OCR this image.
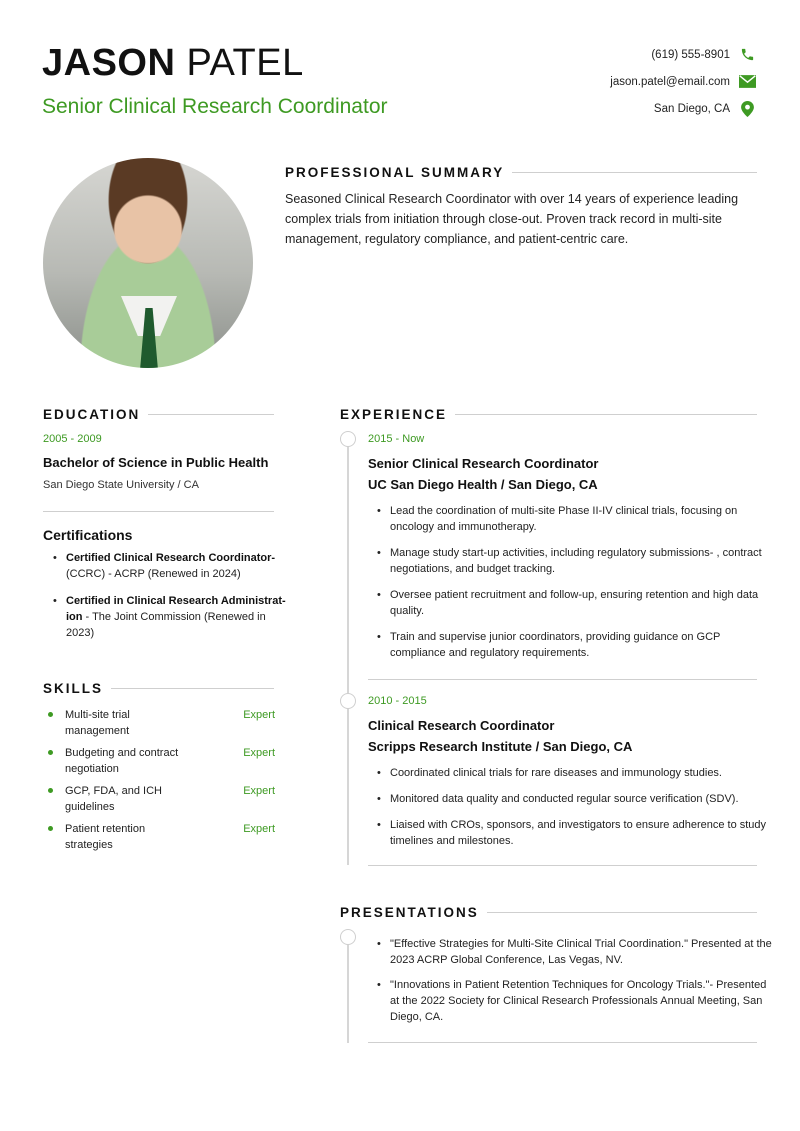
JASON PATEL
Senior Clinical Research Coordinator
(619) 555-8901
jason.patel@email.com
San Diego, CA
PROFESSIONAL SUMMARY
Seasoned Clinical Research Coordinator with over 14 years of experience leading complex trials from initiation through close-out. Proven track record in multi-site management, regulatory compliance, and patient-centric care.
EDUCATION
2005 - 2009
Bachelor of Science in Public Health
San Diego State University / CA
Certifications
• Certified Clinical Research Coordinator-
(CCRC) - ACRP (Renewed in 2024)
• Certified in Clinical Research Administrat- ion - The Joint Commission (Renewed in 2023)
SKILLS
Multi-site trial management
Expert
Budgeting and contract negotiation
Expert
GCP, FDA, and ICH guidelines
Expert
Patient retention strategies
Expert
EXPERIENCE
2015 - Now
Senior Clinical Research Coordinator
UC San Diego Health / San Diego, CA
• Lead the coordination of multi-site Phase II-IV clinical trials, focusing on oncology and immunotherapy.
• Manage study start-up activities, including regulatory submissions- , contract negotiations, and budget tracking.
• Oversee patient recruitment and follow-up, ensuring retention and high data quality.
• Train and supervise junior coordinators, providing guidance on GCP compliance and regulatory requirements.
2010 - 2015
Clinical Research Coordinator
Scripps Research Institute / San Diego, CA
• Coordinated clinical trials for rare diseases and immunology studies.
• Monitored data quality and conducted regular source verification (SDV).
• Liaised with CROs, sponsors, and investigators to ensure adherence to study timelines and milestones.
PRESENTATIONS
• "Effective Strategies for Multi-Site Clinical Trial Coordination." Presented at the 2023 ACRP Global Conference, Las Vegas, NV.
• "Innovations in Patient Retention Techniques for Oncology Trials."- Presented at the 2022 Society for Clinical Research Professionals Annual Meeting, San Diego, CA.
